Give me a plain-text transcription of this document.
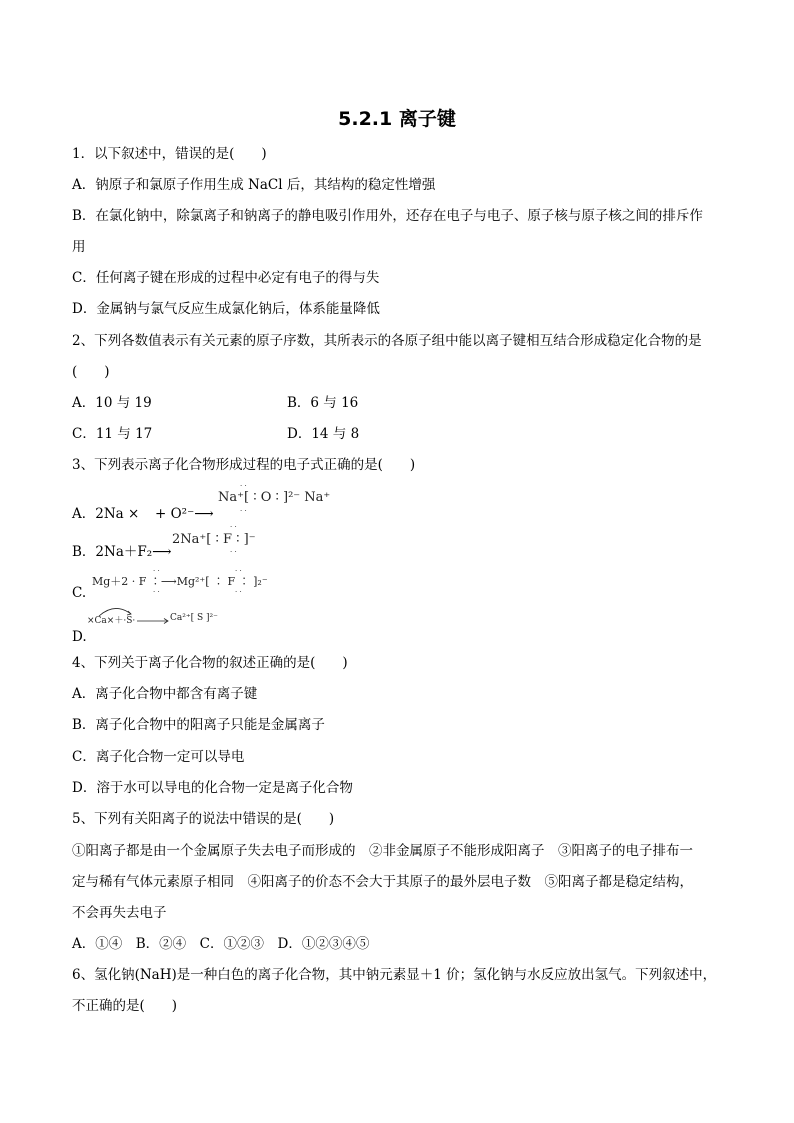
5.2.1 离子键
1．以下叙述中，错误的是(　　)
A．钠原子和氯原子作用生成 NaCl 后，其结构的稳定性增强
B．在氯化钠中，除氯离子和钠离子的静电吸引作用外，还存在电子与电子、原子核与原子核之间的排斥作
用
C．任何离子键在形成的过程中必定有电子的得与失
D．金属钠与氯气反应生成氯化钠后，体系能量降低
2、下列各数值表示有关元素的原子序数，其所表示的各原子组中能以离子键相互结合形成稳定化合物的是
(　　)
A．10 与 19	B．6 与 16
C．11 与 17	D．14 与 8
3、下列表示离子化合物形成过程的电子式正确的是(　　)
A．2Na × + O²⁻⟶
Na⁺[ ∶ O ∶ ]²⁻ Na⁺
· ·
· ·
B．2Na＋F₂⟶
2Na⁺[ ∶ F ∶ ]⁻
· ·
· ·
Mg＋2 · F ∶⟶Mg²⁺[ ∶ F ∶ ]₂⁻
· ·
· ·
· ·
· ·
C.
×Ca×＋·S· →
Ca²⁺[ S ]²⁻
D.
4、下列关于离子化合物的叙述正确的是(　　)
A．离子化合物中都含有离子键
B．离子化合物中的阳离子只能是金属离子
C．离子化合物一定可以导电
D．溶于水可以导电的化合物一定是离子化合物
5、下列有关阳离子的说法中错误的是(　　)
①阳离子都是由一个金属原子失去电子而形成的　②非金属原子不能形成阳离子　③阳离子的电子排布一
定与稀有气体元素原子相同　④阳离子的价态不会大于其原子的最外层电子数　⑤阳离子都是稳定结构，
不会再失去电子
A．①④　B．②④　C．①②③　D．①②③④⑤
6、氢化钠(NaH)是一种白色的离子化合物，其中钠元素显＋1 价；氢化钠与水反应放出氢气。下列叙述中，
不正确的是(　　)
